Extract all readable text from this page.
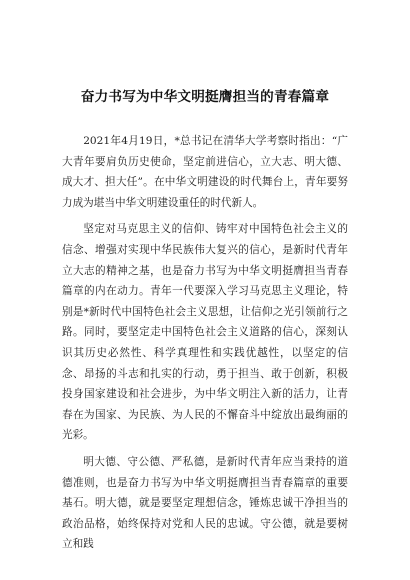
奋力书写为中华文明挺膺担当的青春篇章

2021年4月19日，*总书记在清华大学考察时指出：“广大青年要肩负历史使命，坚定前进信心，立大志、明大德、成大才、担大任”。在中华文明建设的时代舞台上，青年要努力成为堪当中华文明建设重任的时代新人。

坚定对马克思主义的信仰、铸牢对中国特色社会主义的信念、增强对实现中华民族伟大复兴的信心，是新时代青年立大志的精神之基，也是奋力书写为中华文明挺膺担当青春篇章的内在动力。青年一代要深入学习马克思主义理论，特别是*新时代中国特色社会主义思想，让信仰之光引领前行之路。同时，要坚定走中国特色社会主义道路的信心，深刻认识其历史必然性、科学真理性和实践优越性，以坚定的信念、昂扬的斗志和扎实的行动，勇于担当、敢于创新，积极投身国家建设和社会进步，为中华文明注入新的活力，让青春在为国家、为民族、为人民的不懈奋斗中绽放出最绚丽的光彩。

明大德、守公德、严私德，是新时代青年应当秉持的道德准则，也是奋力书写为中华文明挺膺担当青春篇章的重要基石。明大德，就是要坚定理想信念，锤炼忠诚干净担当的政治品格，始终保持对党和人民的忠诚。守公德，就是要树立和践
